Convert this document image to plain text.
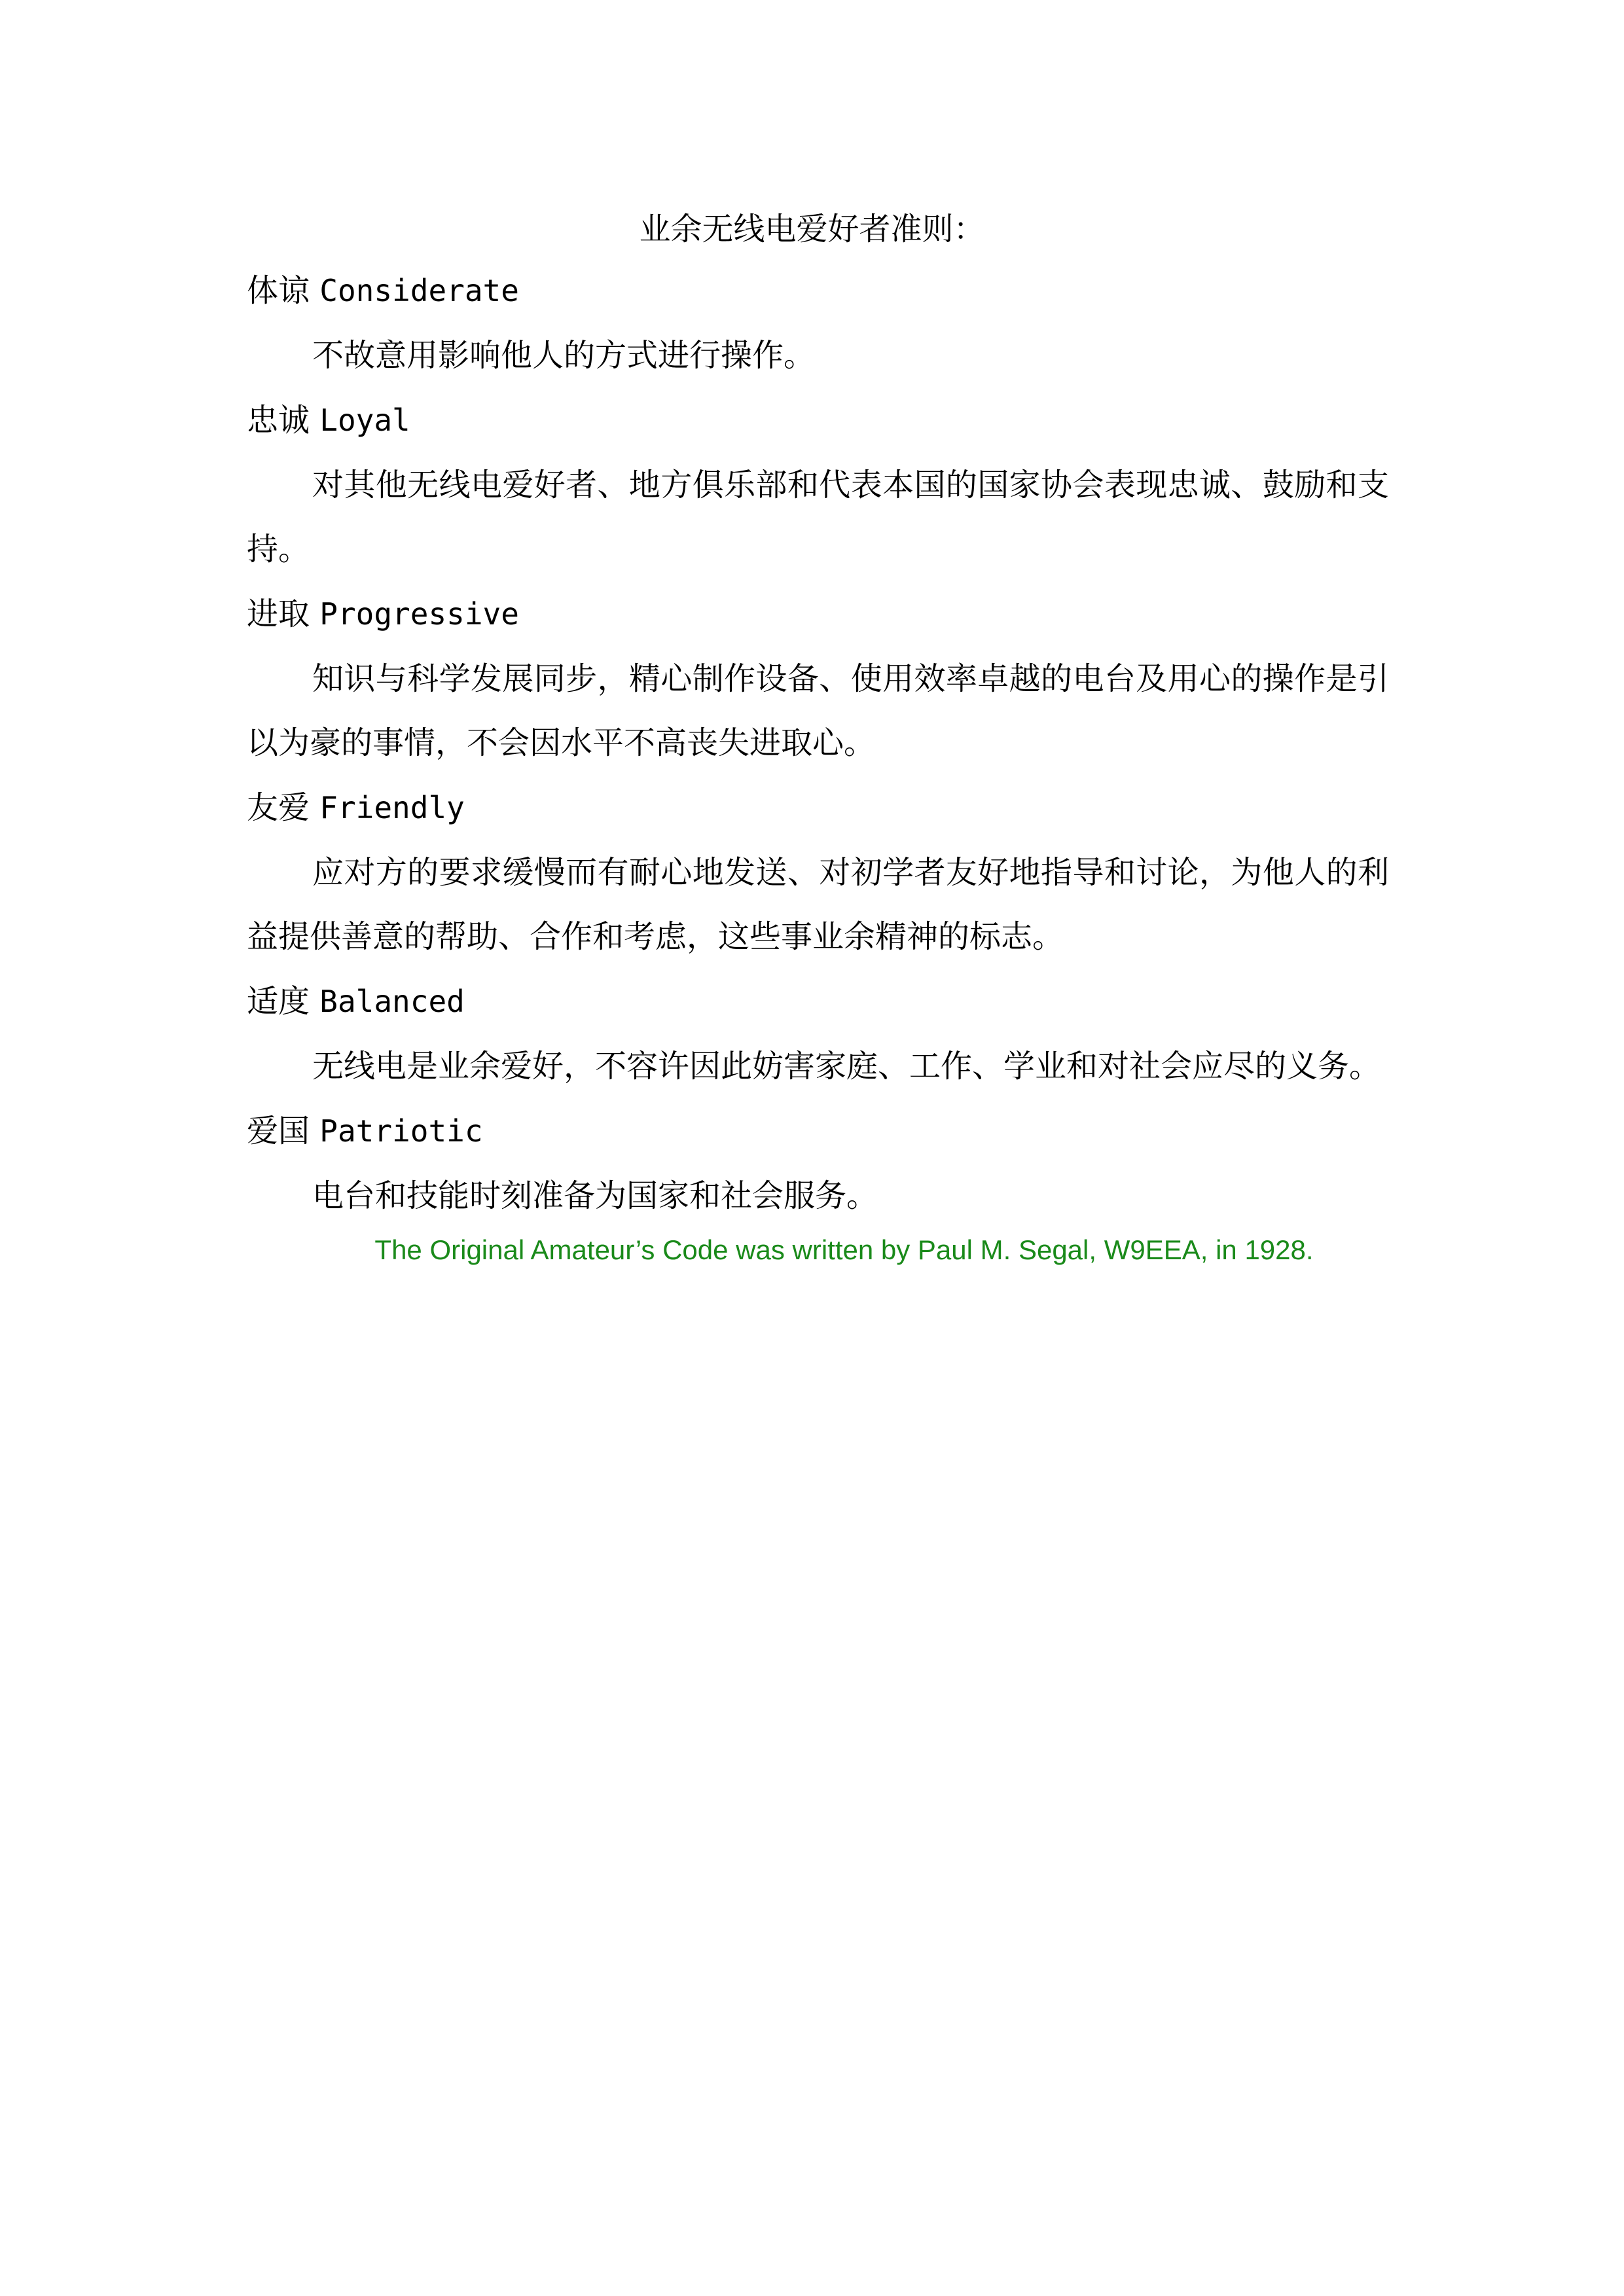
业余无线电爱好者准则：

体谅 Considerate

不故意用影响他人的方式进行操作。

忠诚 Loyal

对其他无线电爱好者、地方俱乐部和代表本国的国家协会表现忠诚、鼓励和支持。

进取 Progressive

知识与科学发展同步，精心制作设备、使用效率卓越的电台及用心的操作是引以为豪的事情，不会因水平不高丧失进取心。

友爱 Friendly

应对方的要求缓慢而有耐心地发送、对初学者友好地指导和讨论，为他人的利益提供善意的帮助、合作和考虑，这些事业余精神的标志。

适度 Balanced

无线电是业余爱好，不容许因此妨害家庭、工作、学业和对社会应尽的义务。

爱国 Patriotic

电台和技能时刻准备为国家和社会服务。

The Original Amateur’s Code was written by Paul M. Segal, W9EEA, in 1928.
